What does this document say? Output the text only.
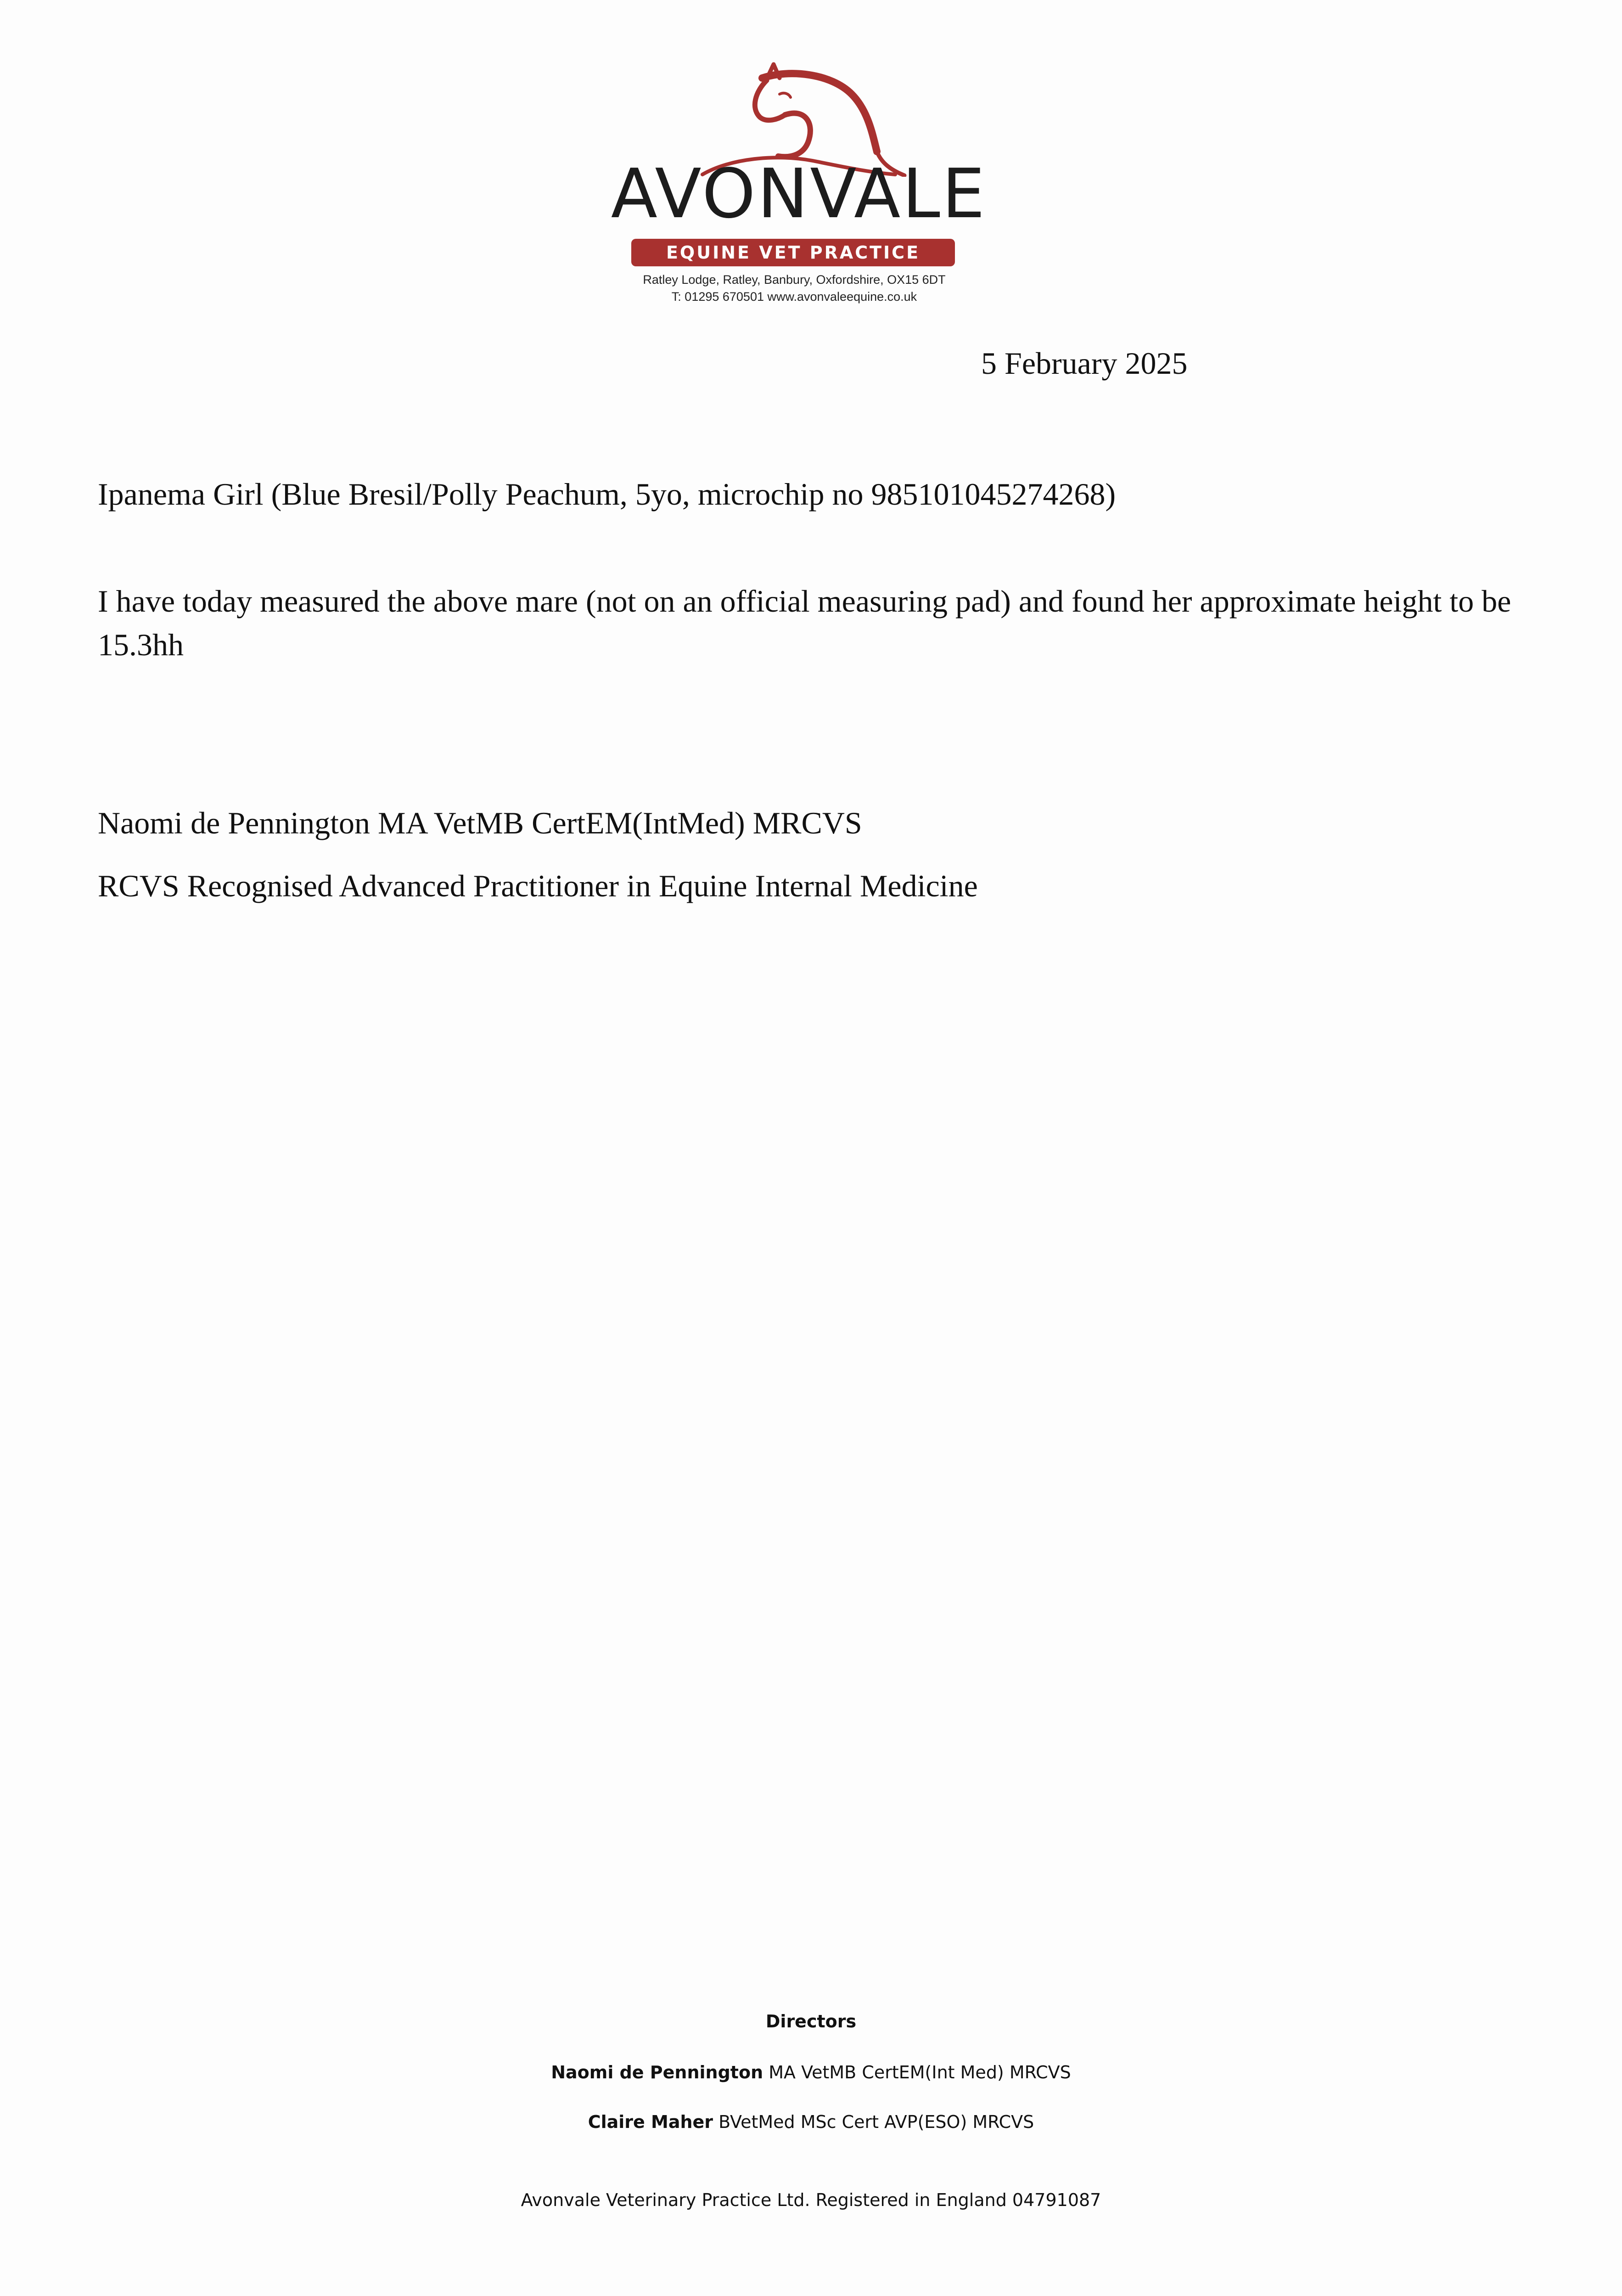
AVONVALE
EQUINE VET PRACTICE
Ratley Lodge, Ratley, Banbury, Oxfordshire, OX15 6DT
T: 01295 670501 www.avonvaleequine.co.uk
5 February 2025
Ipanema Girl (Blue Bresil/Polly Peachum, 5yo, microchip no 985101045274268)

I have today measured the above mare (not on an official measuring pad) and found her approximate height to be 15.3hh

Naomi de Pennington MA VetMB CertEM(IntMed) MRCVS
RCVS Recognised Advanced Practitioner in Equine Internal Medicine
Directors
Naomi de Pennington MA VetMB CertEM(Int Med) MRCVS
Claire Maher BVetMed MSc Cert AVP(ESO) MRCVS
Avonvale Veterinary Practice Ltd. Registered in England 04791087
